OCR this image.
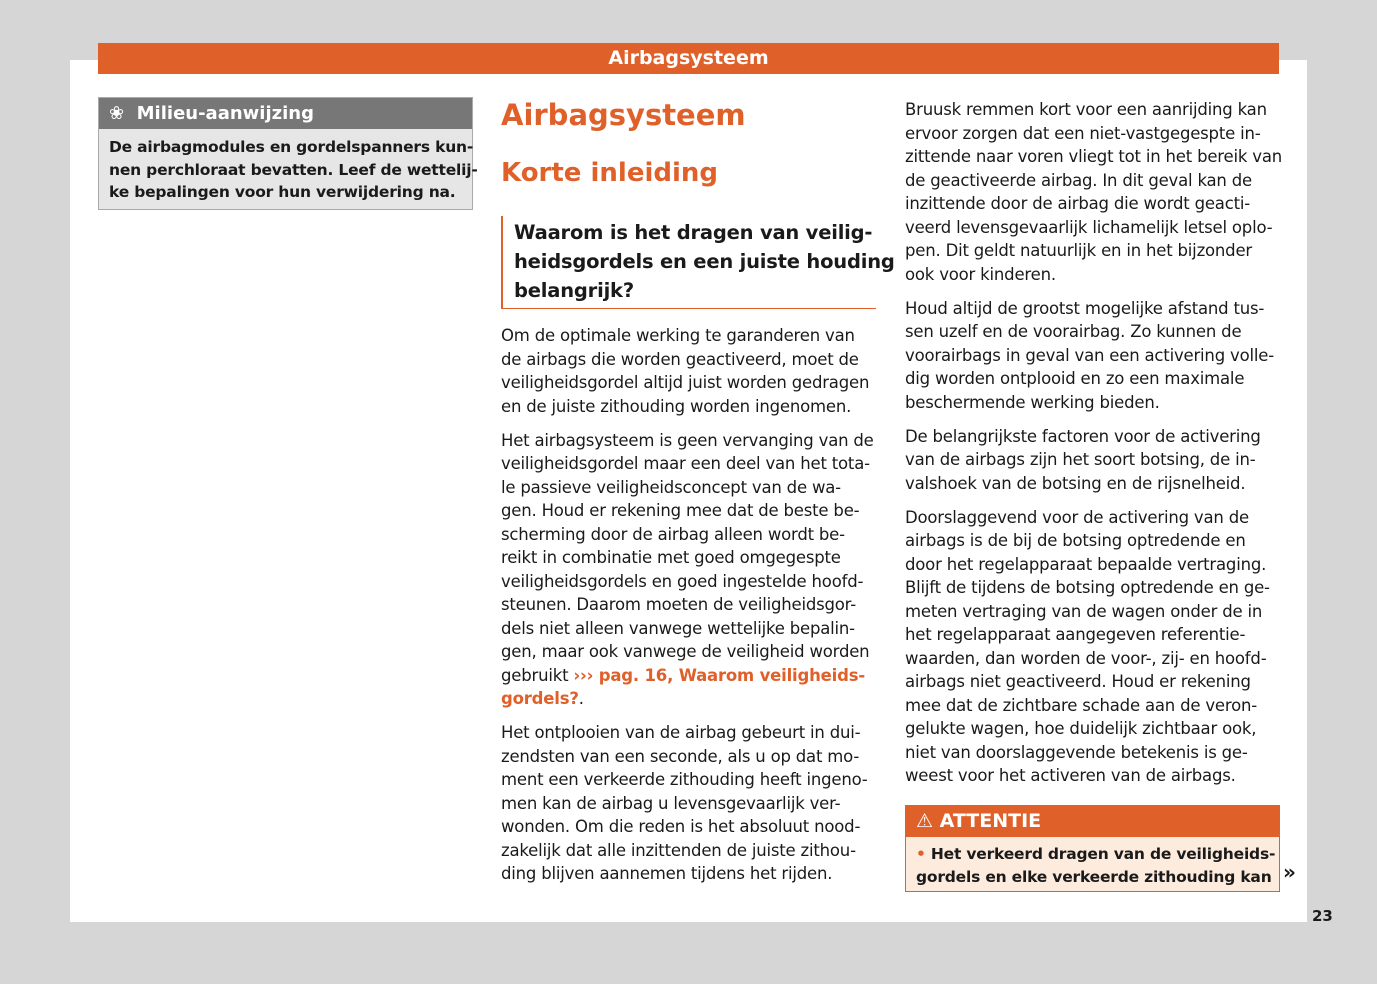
Airbagsysteem
❀ Milieu-aanwijzing
De airbagmodules en gordelspanners kun-
nen perchloraat bevatten. Leef de wettelij-
ke bepalingen voor hun verwijdering na.
Airbagsysteem
Korte inleiding
Waarom is het dragen van veilig-
heidsgordels en een juiste houding
belangrijk?

Om de optimale werking te garanderen van
de airbags die worden geactiveerd, moet de
veiligheidsgordel altijd juist worden gedragen
en de juiste zithouding worden ingenomen.

Het airbagsysteem is geen vervanging van de
veiligheidsgordel maar een deel van het tota-
le passieve veiligheidsconcept van de wa-
gen. Houd er rekening mee dat de beste be-
scherming door de airbag alleen wordt be-
reikt in combinatie met goed omgegespte
veiligheidsgordels en goed ingestelde hoofd-
steunen. Daarom moeten de veiligheidsgor-
dels niet alleen vanwege wettelijke bepalin-
gen, maar ook vanwege de veiligheid worden
gebruikt ››› pag. 16, Waarom veiligheids-
gordels?.

Het ontplooien van de airbag gebeurt in dui-
zendsten van een seconde, als u op dat mo-
ment een verkeerde zithouding heeft ingeno-
men kan de airbag u levensgevaarlijk ver-
wonden. Om die reden is het absoluut nood-
zakelijk dat alle inzittenden de juiste zithou-
ding blijven aannemen tijdens het rijden.

Bruusk remmen kort voor een aanrijding kan
ervoor zorgen dat een niet-vastgegespte in-
zittende naar voren vliegt tot in het bereik van
de geactiveerde airbag. In dit geval kan de
inzittende door de airbag die wordt geacti-
veerd levensgevaarlijk lichamelijk letsel oplo-
pen. Dit geldt natuurlijk en in het bijzonder
ook voor kinderen.

Houd altijd de grootst mogelijke afstand tus-
sen uzelf en de voorairbag. Zo kunnen de
voorairbags in geval van een activering volle-
dig worden ontplooid en zo een maximale
beschermende werking bieden.

De belangrijkste factoren voor de activering
van de airbags zijn het soort botsing, de in-
valshoek van de botsing en de rijsnelheid.

Doorslaggevend voor de activering van de
airbags is de bij de botsing optredende en
door het regelapparaat bepaalde vertraging.
Blijft de tijdens de botsing optredende en ge-
meten vertraging van de wagen onder de in
het regelapparaat aangegeven referentie-
waarden, dan worden de voor-, zij- en hoofd-
airbags niet geactiveerd. Houd er rekening
mee dat de zichtbare schade aan de veron-
gelukte wagen, hoe duidelijk zichtbaar ook,
niet van doorslaggevende betekenis is ge-
weest voor het activeren van de airbags.

⚠ ATTENTIE
• Het verkeerd dragen van de veiligheids-
gordels en elke verkeerde zithouding kan »
23
